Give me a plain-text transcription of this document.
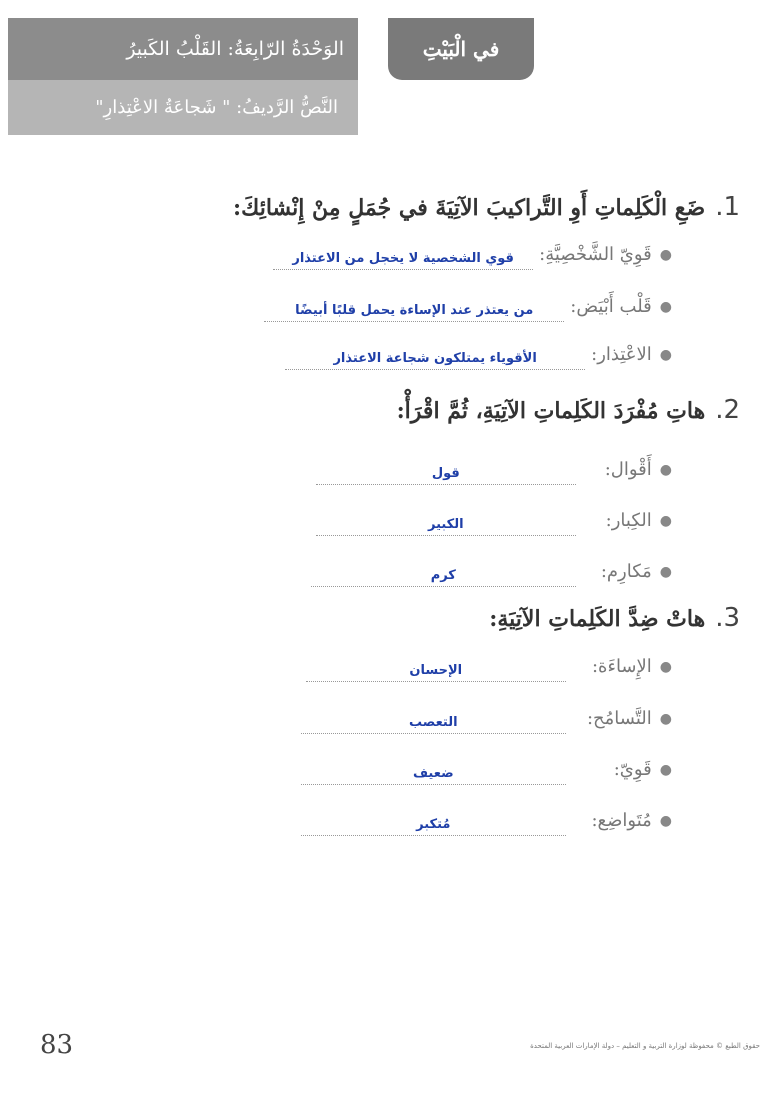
الوَحْدَةُ الرّابِعَةُ: القَلْبُ الكَبيرُ
النَّصُّ الرَّديفُ: " شَجاعَةُ الاعْتِذارِ"
في الْبَيْتِ
1.
ضَعِ الْكَلِماتِ أَوِ التَّراكيبَ الآتِيَةَ في جُمَلٍ مِنْ إِنْشائِكَ:
●
قَوِيّ الشَّخْصِيَّةِ:
قوي الشخصية لا يخجل من الاعتذار
●
قَلْب أَبْيَض:
من يعتذر عند الإساءة يحمل قلبًا أبيضًا
●
الاعْتِذار:
الأقوياء يمتلكون شجاعة الاعتذار
2.
هاتِ مُفْرَدَ الكَلِماتِ الآتِيَةِ، ثُمَّ اقْرَأْ:
●
أَقْوال:
قول
●
الكِبار:
الكبير
●
مَكارِم:
كرم
3.
هاتْ ضِدَّ الكَلِماتِ الآتِيَةِ:
●
الإِساءَة:
الإحسان
●
التَّسامُح:
التعصب
●
قَوِيّ:
ضعيف
●
مُتَواضِع:
مُتكبر
83	حقوق الطبع © محفوظة لوزارة التربية و التعليم – دولة الإمارات العربية المتحدة
